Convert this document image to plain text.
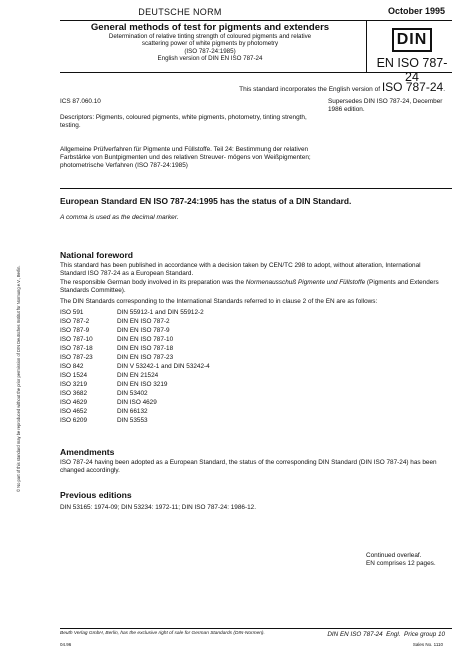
DEUTSCHE NORM	October 1995
General methods of test for pigments and extenders
Determination of relative tinting strength of coloured pigments and relative
scattering power of white pigments by photometry
(ISO 787-24:1985)
English version of DIN EN ISO 787-24
DIN
EN ISO 787-24
This standard incorporates the English version of ISO 787-24.
ICS 87.060.10	Supersedes DIN ISO 787-24, December 1986 edition.
Descriptors: Pigments, coloured pigments, white pigments, photometry, tinting strength, testing.
Allgemeine Prüfverfahren für Pigmente und Füllstoffe. Teil 24: Bestimmung der relativen Farbstärke von Buntpigmenten und des relativen Streuver- mögens von Weißpigmenten; photometrische Verfahren (ISO 787-24:1985)
© No part of this standard may be reproduced without the prior permission of DIN Deutsches Institut für Normung e.V., Berlin.
European Standard EN ISO 787-24:1995 has the status of a DIN Standard.
A comma is used as the decimal marker.
National foreword
This standard has been published in accordance with a decision taken by CEN/TC 298 to adopt, without alteration, International Standard ISO 787-24 as a European Standard.
The responsible German body involved in its preparation was the Normenausschuß Pigmente und Füllstoffe (Pigments and Extenders Standards Committee).
The DIN Standards corresponding to the International Standards referred to in clause 2 of the EN are as follows:
ISO 591	DIN 55912-1 and DIN 55912-2
ISO 787-2	DIN EN ISO 787-2
ISO 787-9	DIN EN ISO 787-9
ISO 787-10	DIN EN ISO 787-10
ISO 787-18	DIN EN ISO 787-18
ISO 787-23	DIN EN ISO 787-23
ISO 842	DIN V 53242-1 and DIN 53242-4
ISO 1524	DIN EN 21524
ISO 3219	DIN EN ISO 3219
ISO 3682	DIN 53402
ISO 4629	DIN ISO 4629
ISO 4652	DIN 66132
ISO 6209	DIN 53553
Amendments
ISO 787-24 having been adopted as a European Standard, the status of the corresponding DIN Standard (DIN ISO 787-24) has been changed accordingly.
Previous editions
DIN 53165: 1974-09; DIN 53234: 1972-11; DIN ISO 787-24: 1986-12.
Continued overleaf.
EN comprises 12 pages.
Beuth Verlag GmbH, Berlin, has the exclusive right of sale for German Standards (DIN-Normen).	DIN EN ISO 787-24 Engl. Price group 10
04.96	Sales No. 1110
